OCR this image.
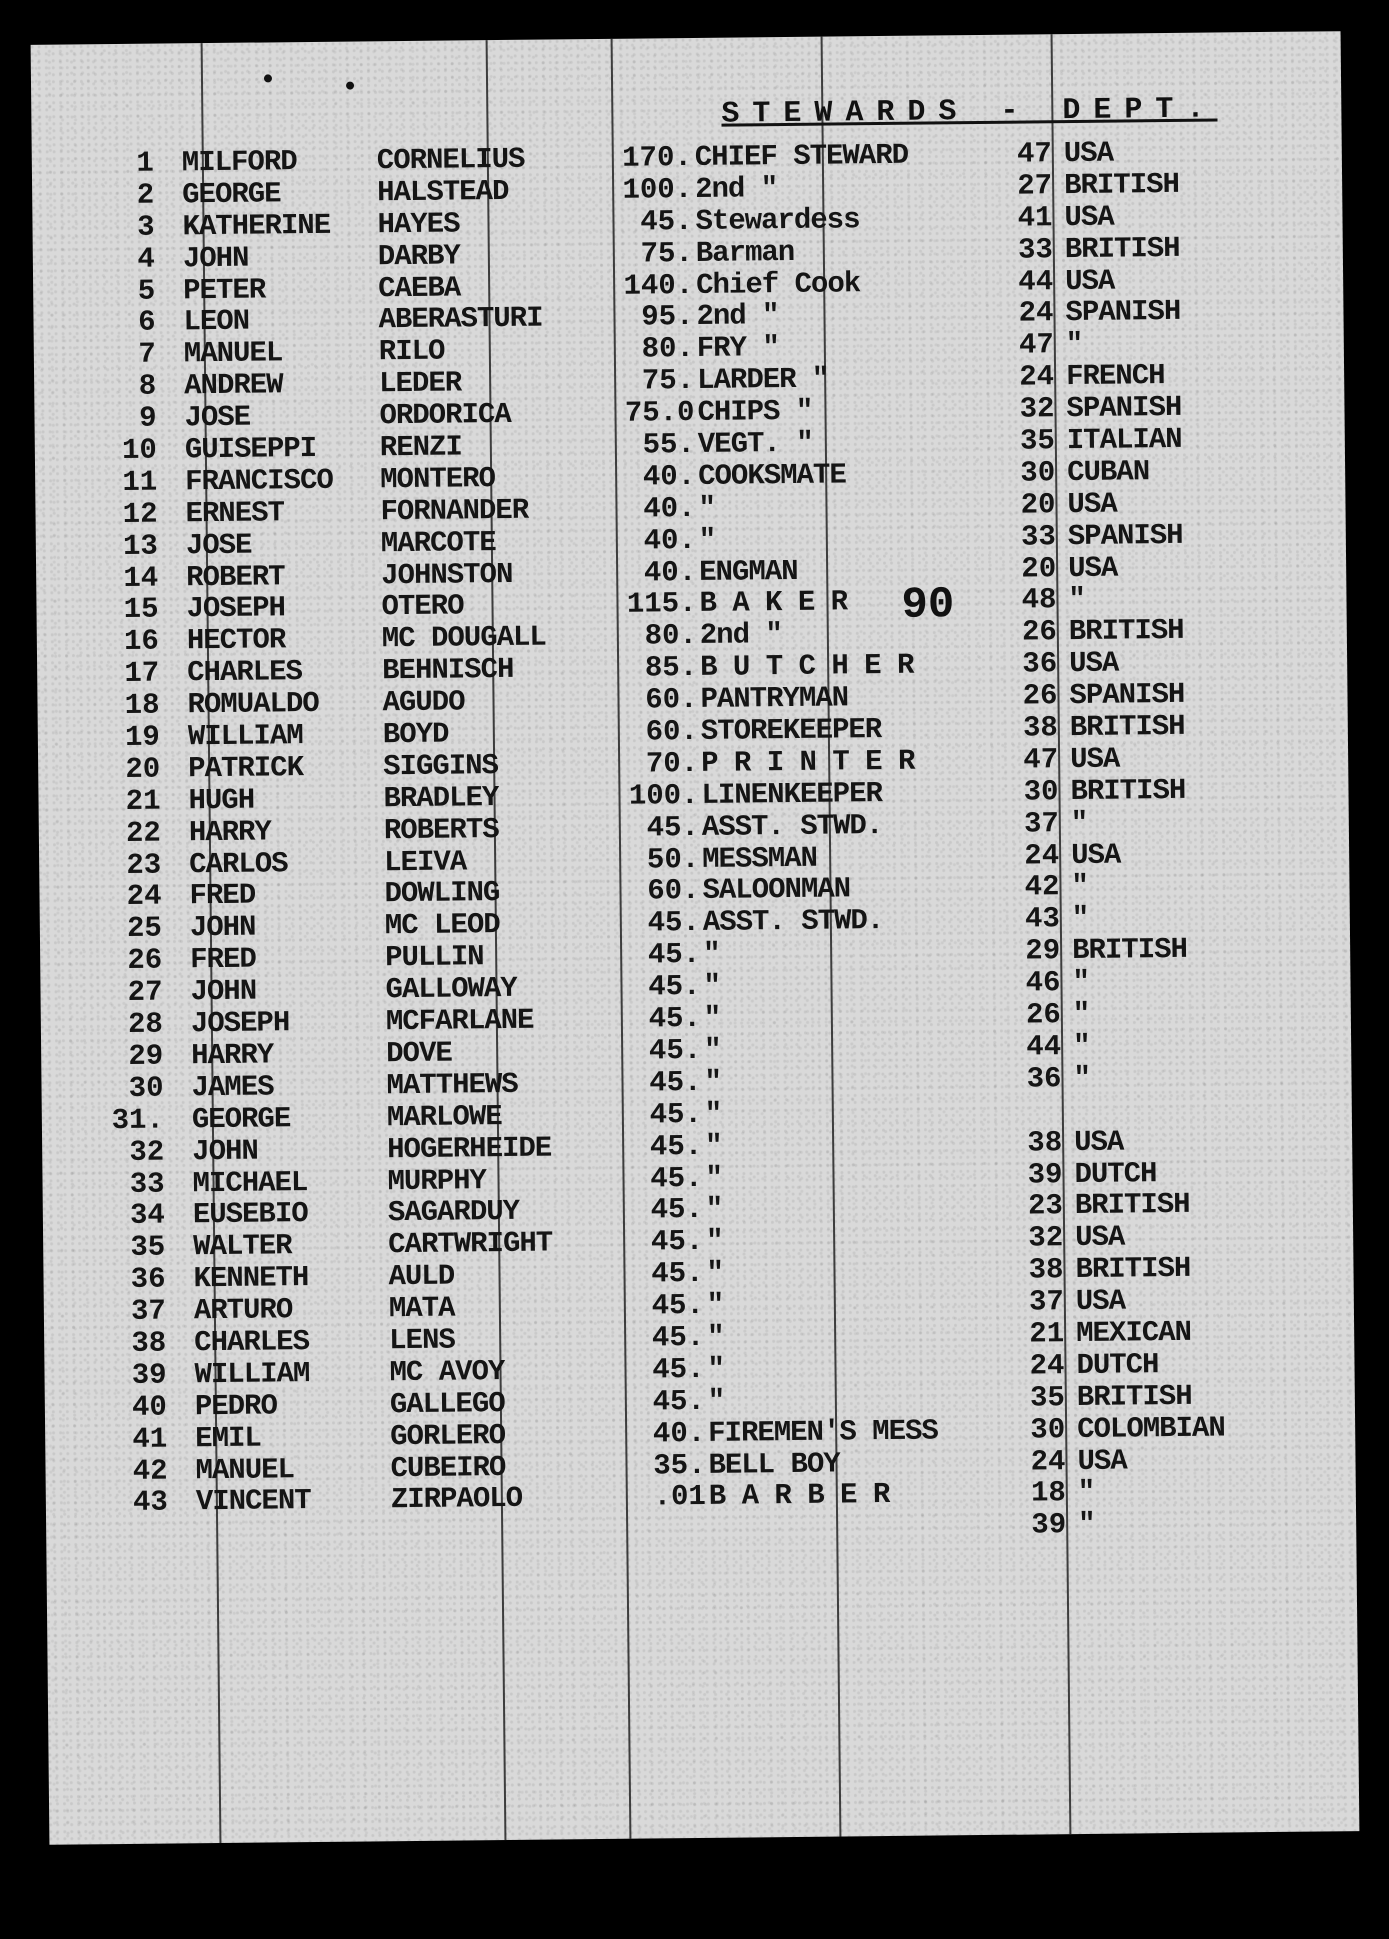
STEWARDS - DEPT.
90
1 MILFORD	CORNELIUS	170. CHIEF STEWARD	47 USA
2 GEORGE	HALSTEAD	100. 2nd "	27 BRITISH
3 KATHERINE HAYES	45. Stewardess	41 USA
4 JOHN	DARBY	75. Barman	33 BRITISH
5 PETER	CAEBA	140. Chief Cook	44 USA
6 LEON	ABERASTURI	95. 2nd "	24 SPANISH
7 MANUEL	RILO	80. FRY "	47 "
8 ANDREW	LEDER	75. LARDER "	24 FRENCH
9 JOSE	ORDORICA	75.0 CHIPS "	32 SPANISH
10 GUISEPPI RENZI	55. VEGT. "	35 ITALIAN
11 FRANCISCO MONTERO	40. COOKSMATE	30 CUBAN
12 ERNEST	FORNANDER	40. "	20 USA
13 JOSE	MARCOTE	40. "	33 SPANISH
14 ROBERT	JOHNSTON	40. ENGMAN	20 USA
15 JOSEPH	OTERO	115. B A K E R	48 "
16 HECTOR	MC DOUGALL	80. 2nd "	26 BRITISH
17 CHARLES	BEHNISCH	85. B U T C H E R	36 USA
18 ROMUALDO AGUDO	60. PANTRYMAN	26 SPANISH
19 WILLIAM	BOYD	60. STOREKEEPER	38 BRITISH
20 PATRICK	SIGGINS	70. P R I N T E R	47 USA
21 HUGH	BRADLEY	100. LINENKEEPER	30 BRITISH
22 HARRY	ROBERTS	45. ASST. STWD.	37 "
23 CARLOS	LEIVA	50. MESSMAN	24 USA
24 FRED	DOWLING	60. SALOONMAN	42 "
25 JOHN	MC LEOD	45. ASST. STWD.	43 "
26 FRED	PULLIN	45. "	29 BRITISH
27 JOHN	GALLOWAY	45. "	46 "
28 JOSEPH	MCFARLANE	45. "	26 "
29 HARRY	DOVE	45. "	44 "
30 JAMES	MATTHEWS	45. "	36 "
31. GEORGE	MARLOWE	45. "
32 JOHN	HOGERHEIDE	45. "	38 USA
33 MICHAEL	MURPHY	45. "	39 DUTCH
34 EUSEBIO	SAGARDUY	45. "	23 BRITISH
35 WALTER	CARTWRIGHT	45. "	32 USA
36 KENNETH	AULD	45. "	38 BRITISH
37 ARTURO	MATA	45. "	37 USA
38 CHARLES	LENS	45. "	21 MEXICAN
39 WILLIAM	MC AVOY	45. "	24 DUTCH
40 PEDRO	GALLEGO	45. "	35 BRITISH
41 EMIL	GORLERO	40. FIREMEN'S MESS	30 COLOMBIAN
42 MANUEL	CUBEIRO	35. BELL BOY	24 USA
43 VINCENT	ZIRPAOLO	.01 B A R B E R	18 "
39 "
